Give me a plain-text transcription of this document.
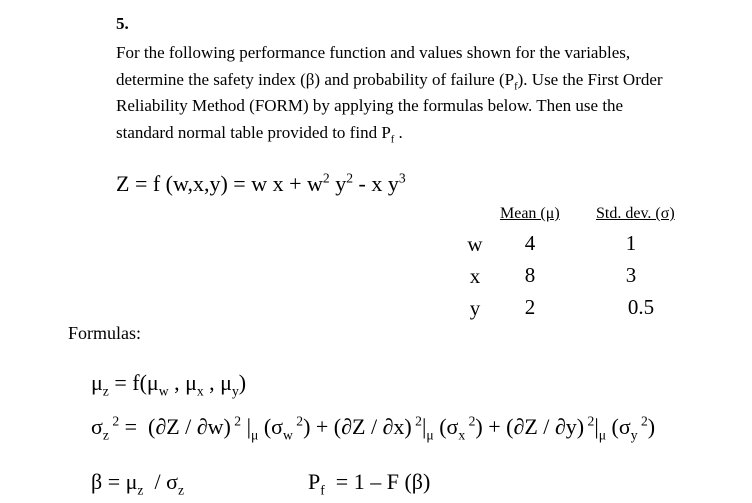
5.
For the following performance function and values shown for the variables,
determine the safety index (β) and probability of failure $(P_f)$. Use the First Order
Reliability Method (FORM) by applying the formulas below. Then use the
standard normal table provided to find $P_f$ .
Z = f (w,x,y) = w $x + w^2$ $y^2$ - x $y^3$
Mean (μ) Std. dev. (σ)
w	4	1
x	8	3
y	2	0.5
Formulas:
$\mu_z = f(\mu_w$ , $\mu_x$ , $\mu_y$)
$\sigma_z$ $^2$ =  (∂Z / ∂w) $^2$ $|_\mu$ ($\sigma_w$ $^2$) + (∂Z / ∂x) $^2|_\mu$ ($\sigma_x$ $^2$) + (∂Z / ∂y) $^2|_\mu$ ($\sigma_y$ $^2$)
$\beta = \mu_z / \sigma_z$	$P_f = 1 - F$ (β)
